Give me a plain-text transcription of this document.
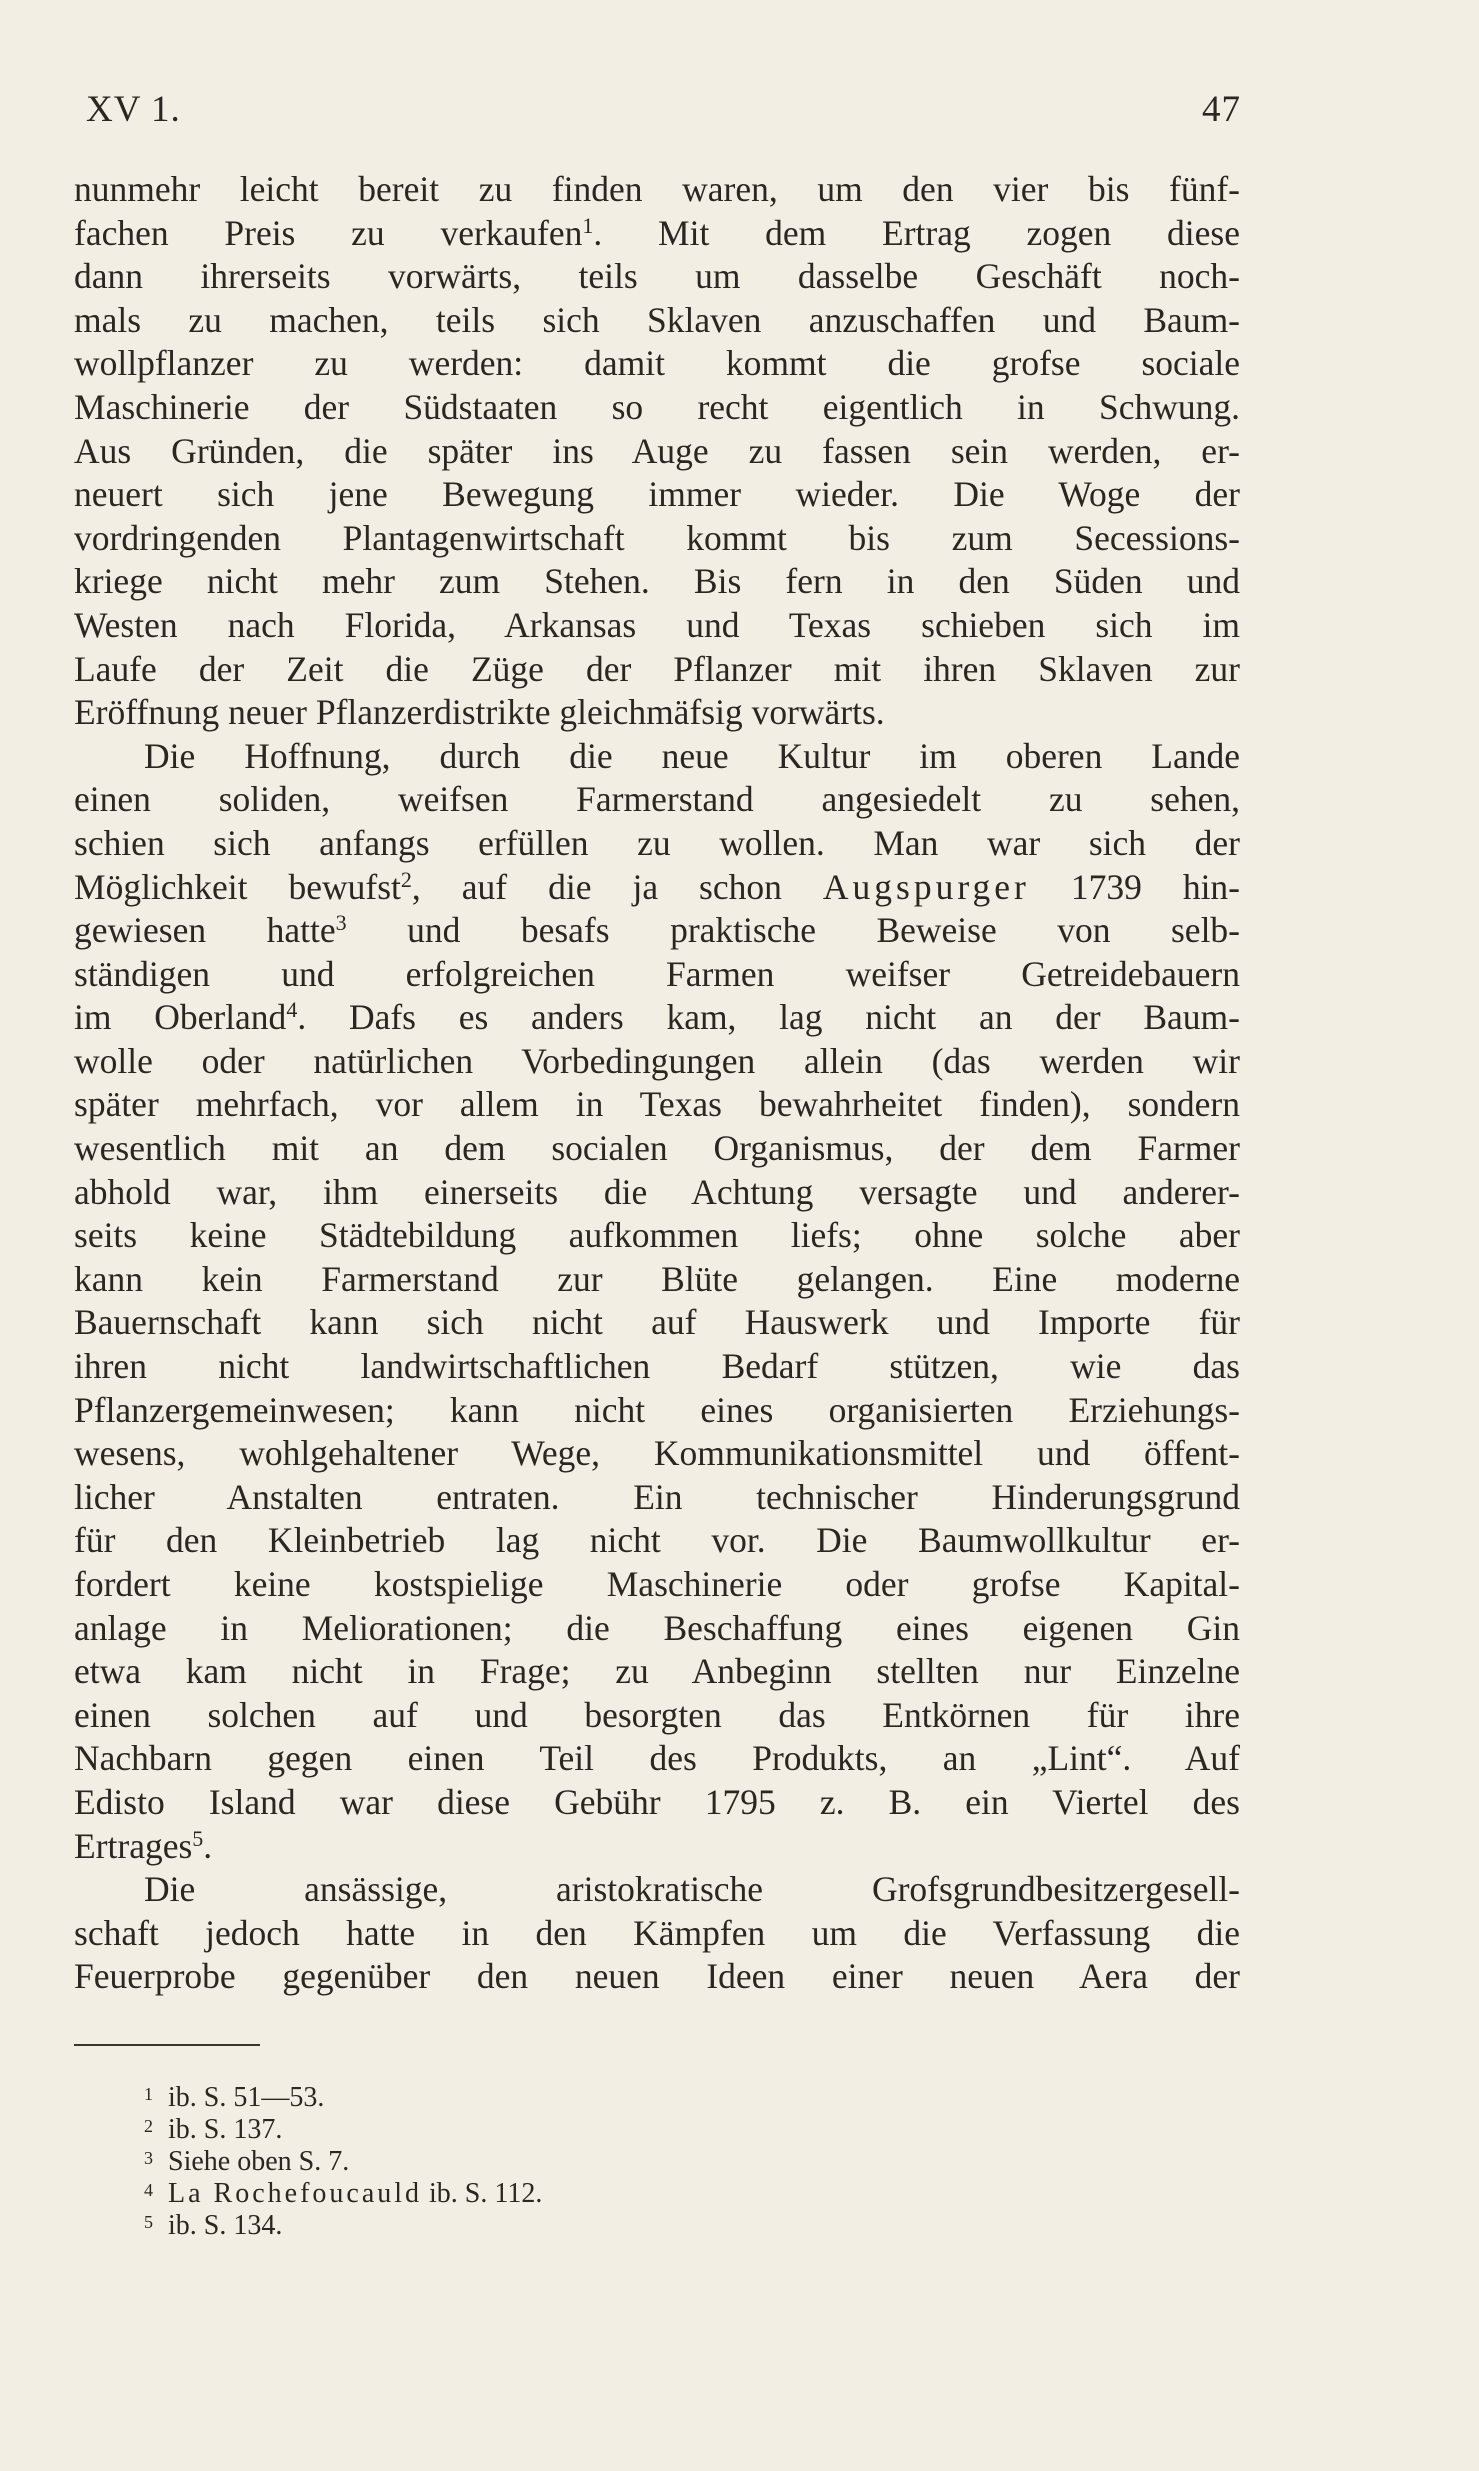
XV 1.	47
nunmehr leicht bereit zu finden waren, um den vier bis fünf-
fachen Preis zu verkaufen$^1$. Mit dem Ertrag zogen diese
dann ihrerseits vorwärts, teils um dasselbe Geschäft noch-
mals zu machen, teils sich Sklaven anzuschaffen und Baum-
wollpflanzer zu werden: damit kommt die grofse sociale
Maschinerie der Südstaaten so recht eigentlich in Schwung.
Aus Gründen, die später ins Auge zu fassen sein werden, er-
neuert sich jene Bewegung immer wieder. Die Woge der
vordringenden Plantagenwirtschaft kommt bis zum Secessions-
kriege nicht mehr zum Stehen. Bis fern in den Süden und
Westen nach Florida, Arkansas und Texas schieben sich im
Laufe der Zeit die Züge der Pflanzer mit ihren Sklaven zur
Eröffnung neuer Pflanzerdistrikte gleichmäfsig vorwärts.
Die Hoffnung, durch die neue Kultur im oberen Lande
einen soliden, weifsen Farmerstand angesiedelt zu sehen,
schien sich anfangs erfüllen zu wollen. Man war sich der
Möglichkeit bewufst$^2$, auf die ja schon Augspurger 1739 hin-
gewiesen hatte$^3$ und besafs praktische Beweise von selb-
ständigen und erfolgreichen Farmen weifser Getreidebauern
im Oberland$^4$. Dafs es anders kam, lag nicht an der Baum-
wolle oder natürlichen Vorbedingungen allein (das werden wir
später mehrfach, vor allem in Texas bewahrheitet finden), sondern
wesentlich mit an dem socialen Organismus, der dem Farmer
abhold war, ihm einerseits die Achtung versagte und anderer-
seits keine Städtebildung aufkommen liefs; ohne solche aber
kann kein Farmerstand zur Blüte gelangen. Eine moderne
Bauernschaft kann sich nicht auf Hauswerk und Importe für
ihren nicht landwirtschaftlichen Bedarf stützen, wie das
Pflanzergemeinwesen; kann nicht eines organisierten Erziehungs-
wesens, wohlgehaltener Wege, Kommunikationsmittel und öffent-
licher Anstalten entraten. Ein technischer Hinderungsgrund
für den Kleinbetrieb lag nicht vor. Die Baumwollkultur er-
fordert keine kostspielige Maschinerie oder grofse Kapital-
anlage in Meliorationen; die Beschaffung eines eigenen Gin
etwa kam nicht in Frage; zu Anbeginn stellten nur Einzelne
einen solchen auf und besorgten das Entkörnen für ihre
Nachbarn gegen einen Teil des Produkts, an „Lint“. Auf
Edisto Island war diese Gebühr 1795 z. B. ein Viertel des
Ertrages$^5$.
Die ansässige, aristokratische Grofsgrundbesitzergesell-
schaft jedoch hatte in den Kämpfen um die Verfassung die
Feuerprobe gegenüber den neuen Ideen einer neuen Aera der
1 ib. S. 51—53.
2 ib. S. 137.
3 Siehe oben S. 7.
4 La Rochefoucauld ib. S. 112.
5 ib. S. 134.
